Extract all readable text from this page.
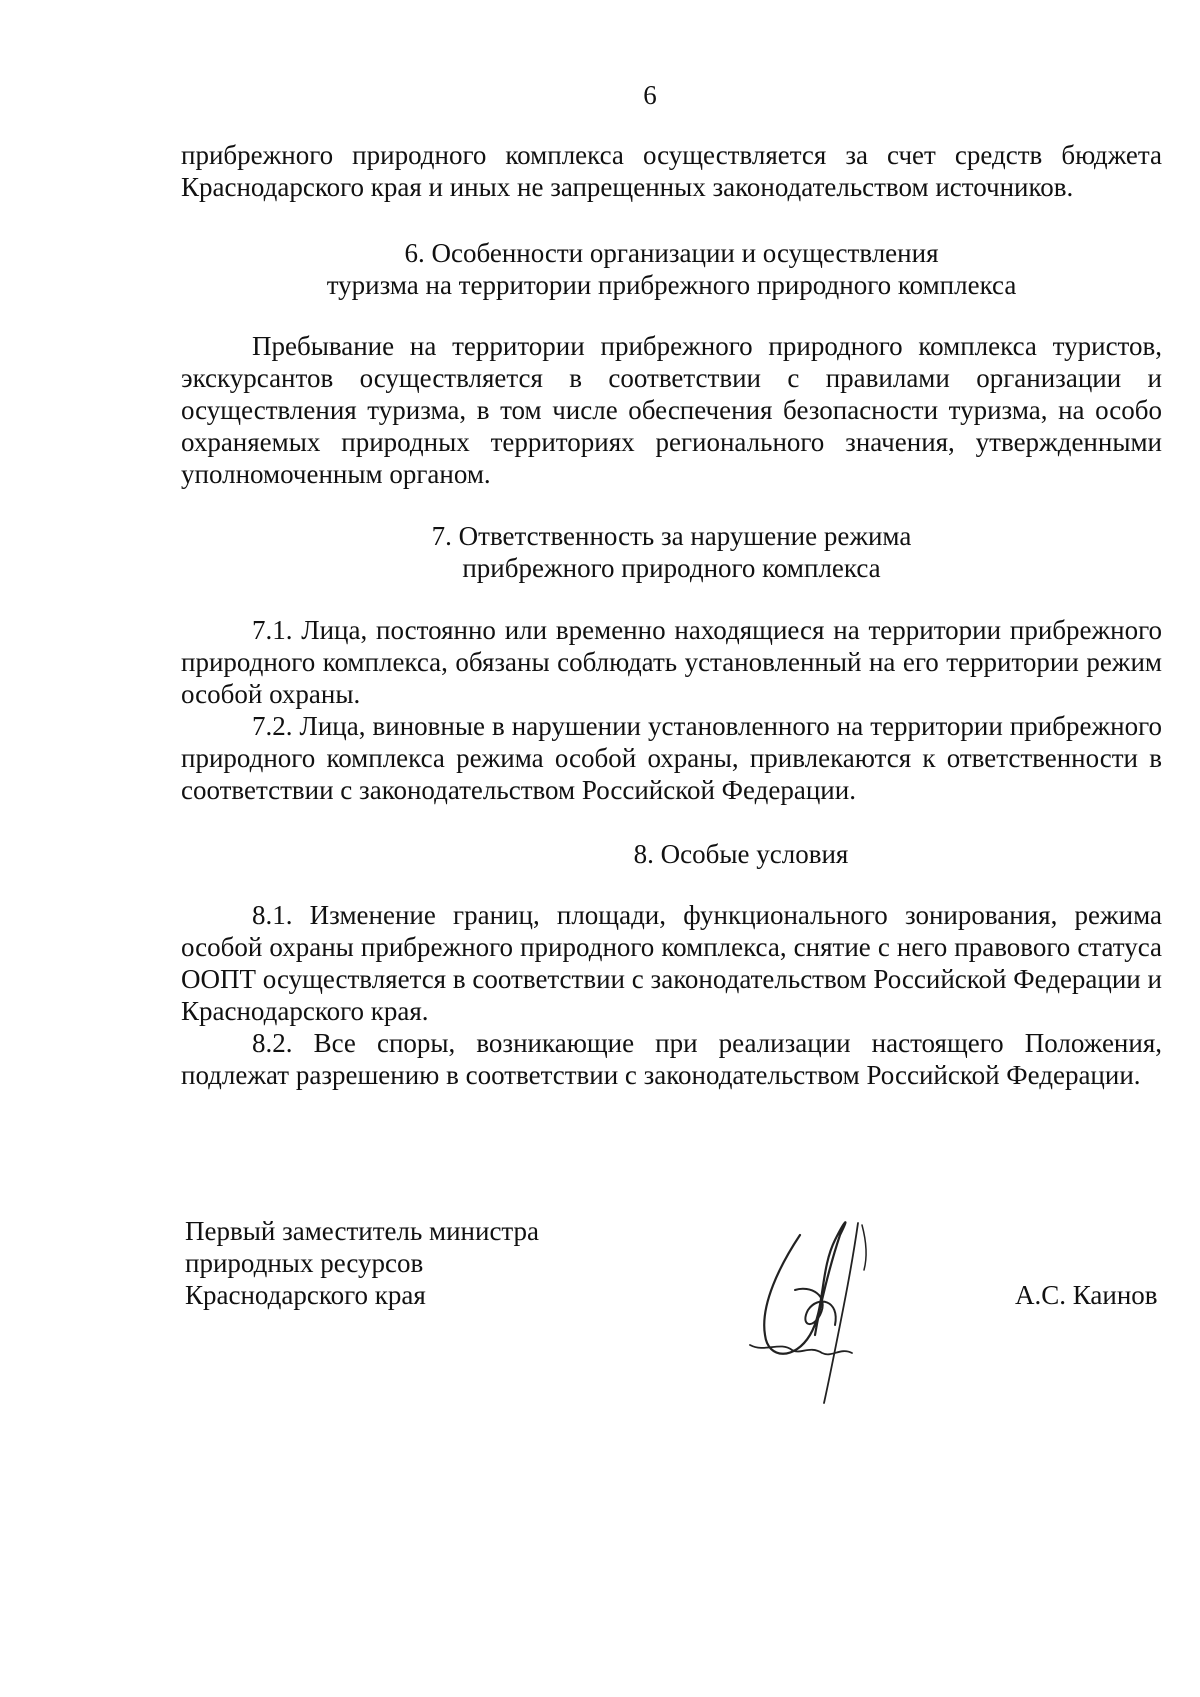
6

прибрежного природного комплекса осуществляется за счет средств бюджета Краснодарского края и иных не запрещенных законодательством источников.

6. Особенности организации и осуществления

туризма на территории прибрежного природного комплекса

Пребывание на территории прибрежного природного комплекса туристов, экскурсантов осуществляется в соответствии с правилами организации и осуществления туризма, в том числе обеспечения безопасности туризма, на особо охраняемых природных территориях регионального значения, утвержденными уполномоченным органом.

7. Ответственность за нарушение режима

прибрежного природного комплекса

7.1. Лица, постоянно или временно находящиеся на территории прибрежного природного комплекса, обязаны соблюдать установленный на его территории режим особой охраны.

7.2. Лица, виновные в нарушении установленного на территории прибрежного природного комплекса режима особой охраны, привлекаются к ответственности в соответствии с законодательством Российской Федерации.

8. Особые условия

8.1. Изменение границ, площади, функционального зонирования, режима особой охраны прибрежного природного комплекса, снятие с него правового статуса ООПТ осуществляется в соответствии с законодательством Российской Федерации и Краснодарского края.

8.2. Все споры, возникающие при реализации настоящего Положения, подлежат разрешению в соответствии с законодательством Российской Федерации.

Первый заместитель министра
природных ресурсов
Краснодарского края	А.С. Каинов
